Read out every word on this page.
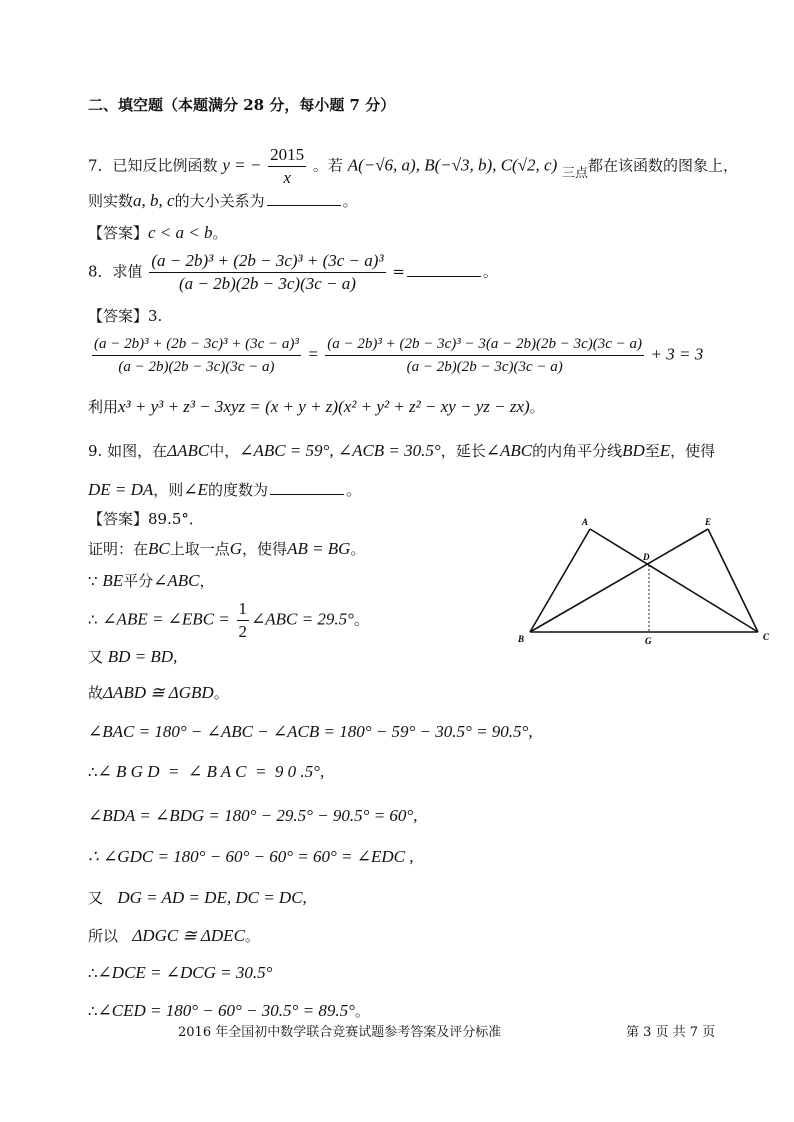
二、填空题（本题满分 28 分，每小题 7 分）
7．已知反比例函数 y = − $\frac{2015}{x}$ 。若 A(−√6, a), B(−√3, b), C(√2, c) 三点都在该函数的图象上，
则实数a, b, c的大小关系为	。
【答案】c < a < b。
8．求值 $\frac{\text{(a − 2b)³ + (2b − 3c)³ + (3c − a)³}}{(a - 2b)(2b - 3c)(3c - a)}$ =	。
【答案】3.
$\frac{\text{(a − 2b)³ + (2b − 3c)³ + (3c − a)³}}{(a - 2b)(2b - 3c)(3c - a)} = \frac{\text{(a − 2b)³ + (2b − 3c)³ − 3(a − 2b)(2b − 3c)(3c − a)}}{(a - 2b)(2b - 3c)(3c - a)} + 3 = 3$
利用x³ + y³ + z³ − 3xyz = (x + y + z)(x² + y² + z² − xy − yz − zx)。
9. 如图，在ΔABC中，∠ABC = 59°, ∠ACB = 30.5°，延长∠ABC的内角平分线BD至E，使得
DE = DA，则∠E的度数为	。
【答案】89.5°．
证明：在BC上取一点G，使得AB = BG。
∵ BE平分∠ABC，
∴ ∠ABE = ∠EBC = $\frac{1}{2}$ ∠ABC = 29.5°。
又 BD = BD,
故ΔABD ≅ ΔGBD。
∠BAC = 180° − ∠ABC − ∠ACB = 180° − 59° − 30.5° = 90.5°,
∴∠ B G D  =  ∠ B A C  =  9 0 .5°,
∠BDA = ∠BDG = 180° − 29.5° − 90.5° = 60°,
∴ ∠GDC = 180° − 60° − 60° = 60° = ∠EDC ,
又   DG = AD = DE, DC = DC,
所以   ΔDGC ≅ ΔDEC。
∴∠DCE = ∠DCG = 30.5°
∴∠CED = 180° − 60° − 30.5° = 89.5°。
A	E
D
B	G	C
2016 年全国初中数学联合竞赛试题参考答案及评分标准	第 3 页 共 7 页
